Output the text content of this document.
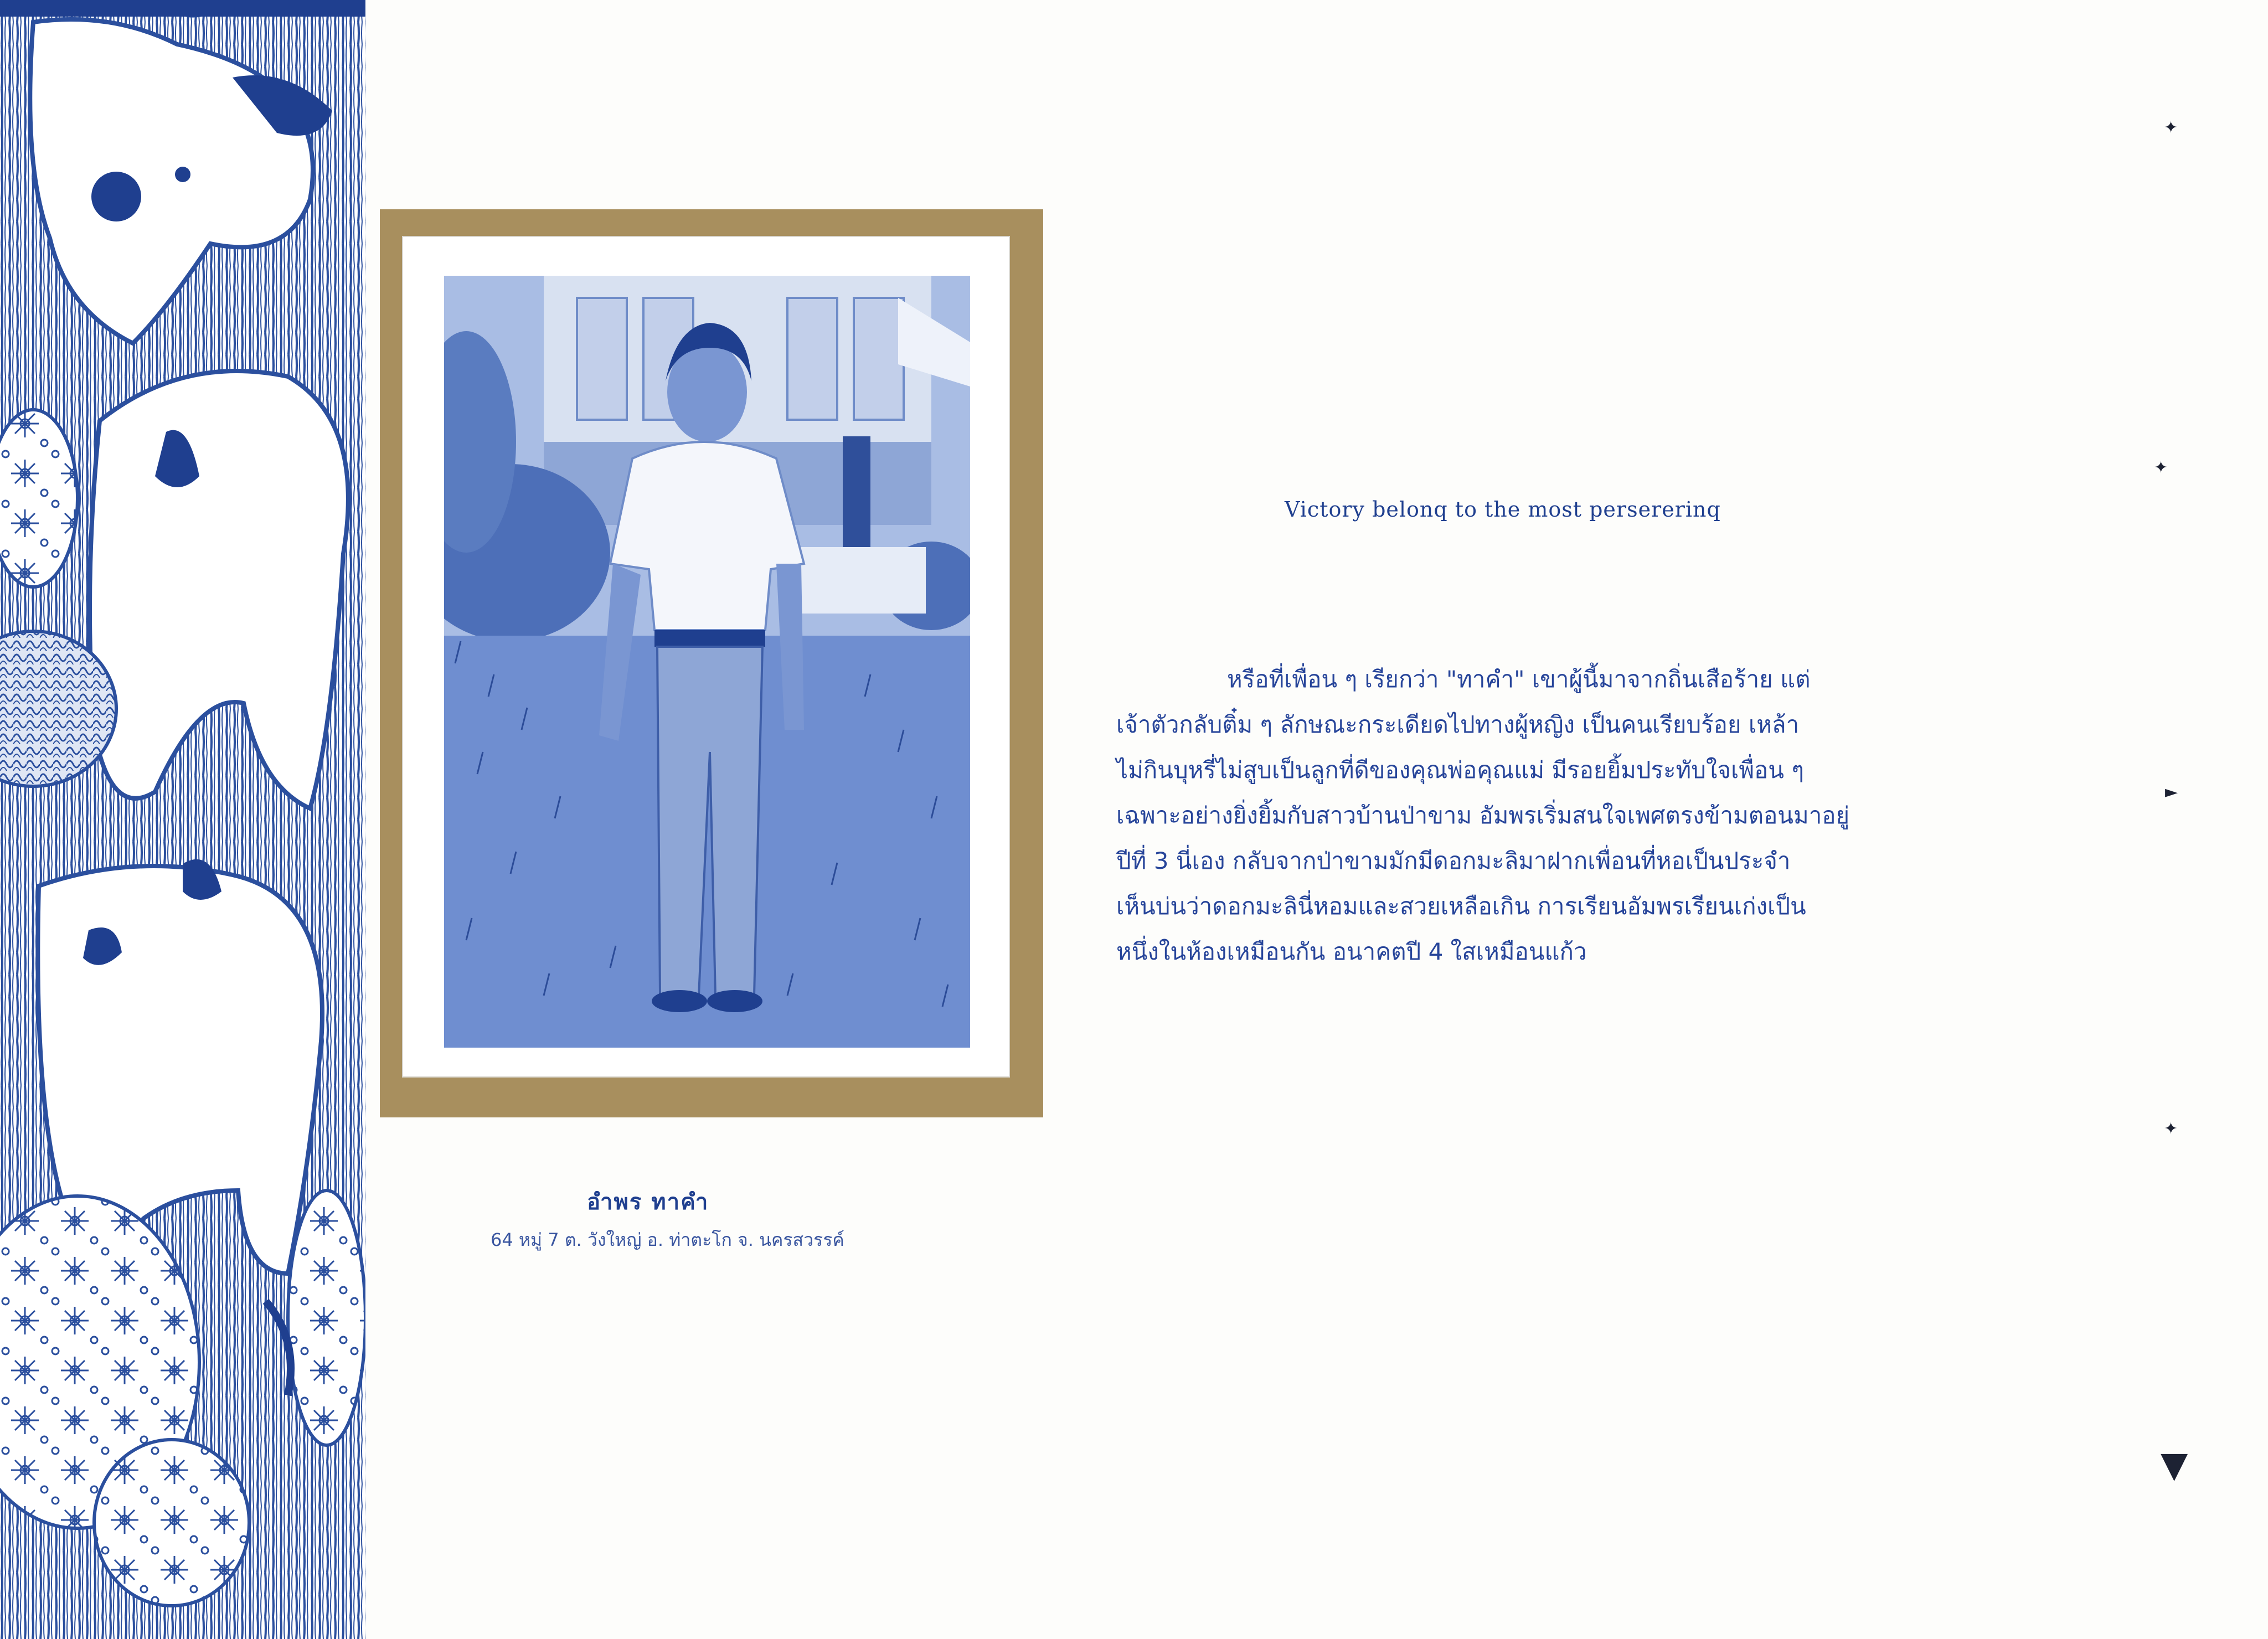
อำพร ทาคำ
64 หมู่ 7 ต. วังใหญ่ อ. ท่าตะโก จ. นครสวรรค์
Victory belonq to the most persererinq
หรือที่เพื่อน ๆ เรียกว่า "ทาคำ" เขาผู้นี้มาจากถิ่นเสือร้าย แต่
เจ้าตัวกลับติ๋ม ๆ ลักษณะกระเดียดไปทางผู้หญิง เป็นคนเรียบร้อย เหล้า
ไม่กินบุหรี่ไม่สูบเป็นลูกที่ดีของคุณพ่อคุณแม่ มีรอยยิ้มประทับใจเพื่อน ๆ
เฉพาะอย่างยิ่งยิ้มกับสาวบ้านป่าขาม อัมพรเริ่มสนใจเพศตรงข้ามตอนมาอยู่
ปีที่ 3 นี่เอง กลับจากป่าขามมักมีดอกมะลิมาฝากเพื่อนที่หอเป็นประจำ
เห็นบ่นว่าดอกมะลินี่หอมและสวยเหลือเกิน การเรียนอัมพรเรียนเก่งเป็น
หนึ่งในห้องเหมือนกัน อนาคตปี 4 ใสเหมือนแก้ว
✦
✦
►
✦
▼
